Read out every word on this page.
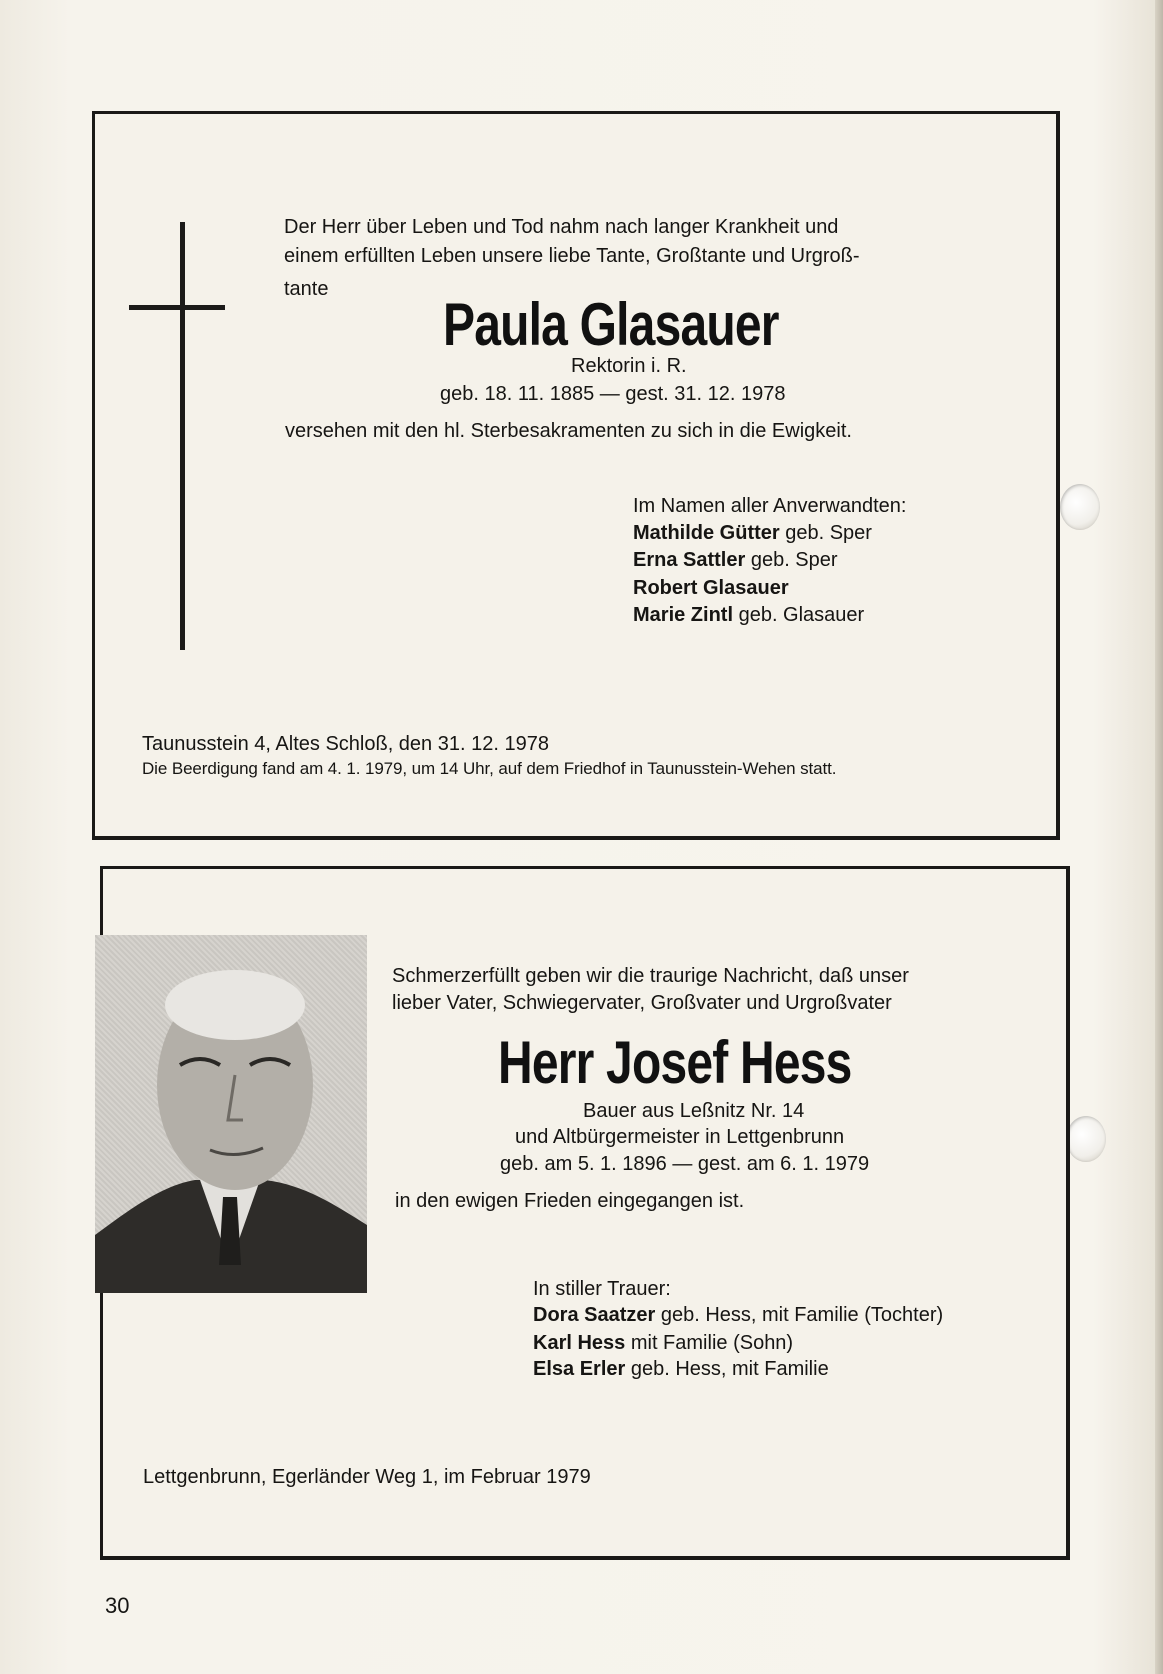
Der Herr über Leben und Tod nahm nach langer Krankheit und
einem erfüllten Leben unsere liebe Tante, Großtante und Urgroß-
tante
Paula Glasauer
Rektorin i. R.
geb. 18. 11. 1885 — gest. 31. 12. 1978
versehen mit den hl. Sterbesakramenten zu sich in die Ewigkeit.
Im Namen aller Anverwandten:
Mathilde Gütter geb. Sper
Erna Sattler geb. Sper
Robert Glasauer
Marie Zintl geb. Glasauer
Taunusstein 4, Altes Schloß, den 31. 12. 1978
Die Beerdigung fand am 4. 1. 1979, um 14 Uhr, auf dem Friedhof in Taunusstein-Wehen statt.
Schmerzerfüllt geben wir die traurige Nachricht, daß unser
lieber Vater, Schwiegervater, Großvater und Urgroßvater
Herr Josef Hess
Bauer aus Leßnitz Nr. 14
und Altbürgermeister in Lettgenbrunn
geb. am 5. 1. 1896 — gest. am 6. 1. 1979
in den ewigen Frieden eingegangen ist.
In stiller Trauer:
Dora Saatzer geb. Hess, mit Familie (Tochter)
Karl Hess mit Familie (Sohn)
Elsa Erler geb. Hess, mit Familie
Lettgenbrunn, Egerländer Weg 1, im Februar 1979
30
